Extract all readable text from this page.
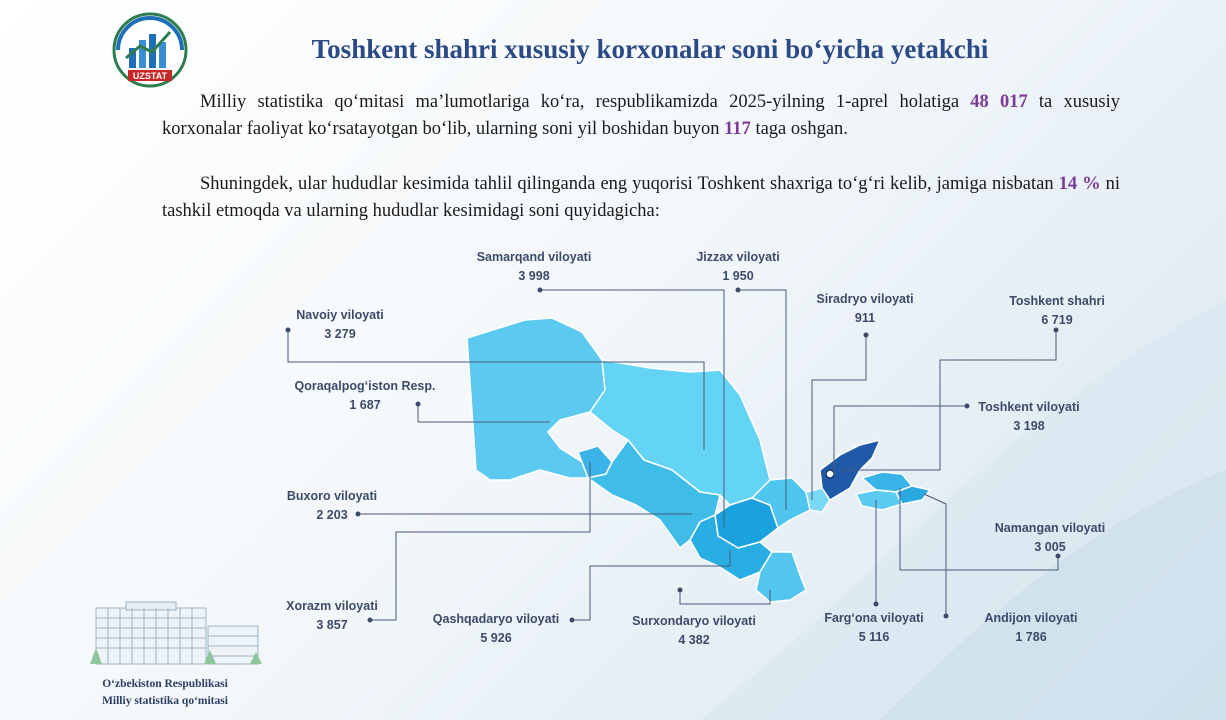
UZSTAT
Toshkent shahri xususiy korxonalar soni bo‘yicha yetakchi
Milliy statistika qo‘mitasi ma’lumotlariga ko‘ra, respublikamizda 2025-yilning 1-aprel holatiga 48 017 ta xususiy korxonalar faoliyat ko‘rsatayotgan bo‘lib, ularning soni yil boshidan buyon 117 taga oshgan.
Shuningdek, ular hududlar kesimida tahlil qilinganda eng yuqorisi Toshkent shaxriga to‘g‘ri kelib, jamiga nisbatan 14 % ni tashkil etmoqda va ularning hududlar kesimidagi soni quyidagicha:
Samarqand viloyati
3 998
Jizzax viloyati
1 950
Siradryo viloyati
911
Toshkent shahri
6 719
Navoiy viloyati
3 279
Qoraqalpog‘iston Resp.
1 687	Toshkent viloyati
3 198
Buxoro viloyati
2 203
Namangan viloyati
3 005
Xorazm viloyati
3 857	Qashqadaryo viloyati
5 926
Surxondaryo viloyati
4 382
Farg‘ona viloyati
5 116
Andijon viloyati
1 786
O‘zbekiston Respublikasi
Milliy statistika qo‘mitasi
